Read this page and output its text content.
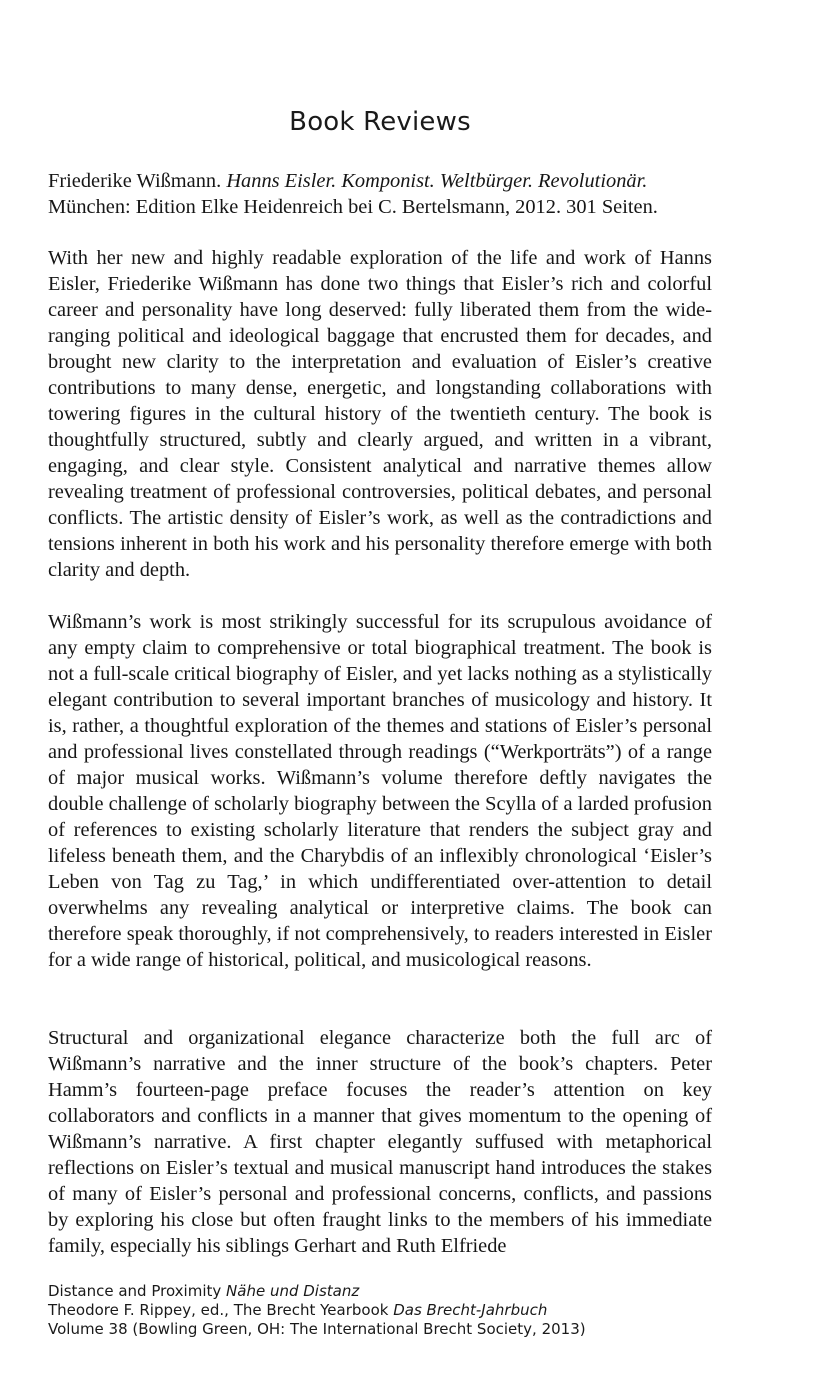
Book Reviews

Friederike Wißmann. Hanns Eisler. Komponist. Weltbürger. Revolutionär. München: Edition Elke Heidenreich bei C. Bertelsmann, 2012. 301 Seiten.

With her new and highly readable exploration of the life and work of Hanns Eisler, Friederike Wißmann has done two things that Eisler’s rich and colorful career and personality have long deserved: fully liberated them from the wide-ranging political and ideological baggage that encrusted them for decades, and brought new clarity to the interpretation and evaluation of Eisler’s creative contributions to many dense, energetic, and longstanding collaborations with towering figures in the cultural history of the twentieth century. The book is thoughtfully structured, subtly and clearly argued, and written in a vibrant, engaging, and clear style. Consistent analytical and narrative themes allow revealing treatment of professional controversies, political debates, and personal conflicts. The artistic density of Eisler’s work, as well as the contradictions and tensions inherent in both his work and his personality therefore emerge with both clarity and depth.

Wißmann’s work is most strikingly successful for its scrupulous avoidance of any empty claim to comprehensive or total biographical treatment. The book is not a full-scale critical biography of Eisler, and yet lacks nothing as a stylistically elegant contribution to several important branches of musicology and history. It is, rather, a thoughtful exploration of the themes and stations of Eisler’s personal and professional lives constellated through readings (“Werkporträts”) of a range of major musical works. Wißmann’s volume therefore deftly navigates the double challenge of scholarly biography between the Scylla of a larded profusion of references to existing scholarly literature that renders the subject gray and lifeless beneath them, and the Charybdis of an inflexibly chronological ‘Eisler’s Leben von Tag zu Tag,’ in which undifferentiated over-attention to detail overwhelms any revealing analytical or interpretive claims. The book can therefore speak thoroughly, if not comprehensively, to readers interested in Eisler for a wide range of historical, political, and musicological reasons.

Structural and organizational elegance characterize both the full arc of Wißmann’s narrative and the inner structure of the book’s chapters. Peter Hamm’s fourteen-page preface focuses the reader’s attention on key collaborators and conflicts in a manner that gives momentum to the opening of Wißmann’s narrative. A first chapter elegantly suffused with metaphorical reflections on Eisler’s textual and musical manuscript hand introduces the stakes of many of Eisler’s personal and professional concerns, conflicts, and passions by exploring his close but often fraught links to the members of his immediate family, especially his siblings Gerhart and Ruth Elfriede

Distance and Proximity Nähe und Distanz
Theodore F. Rippey, ed., The Brecht Yearbook Das Brecht-Jahrbuch
Volume 38 (Bowling Green, OH: The International Brecht Society, 2013)
